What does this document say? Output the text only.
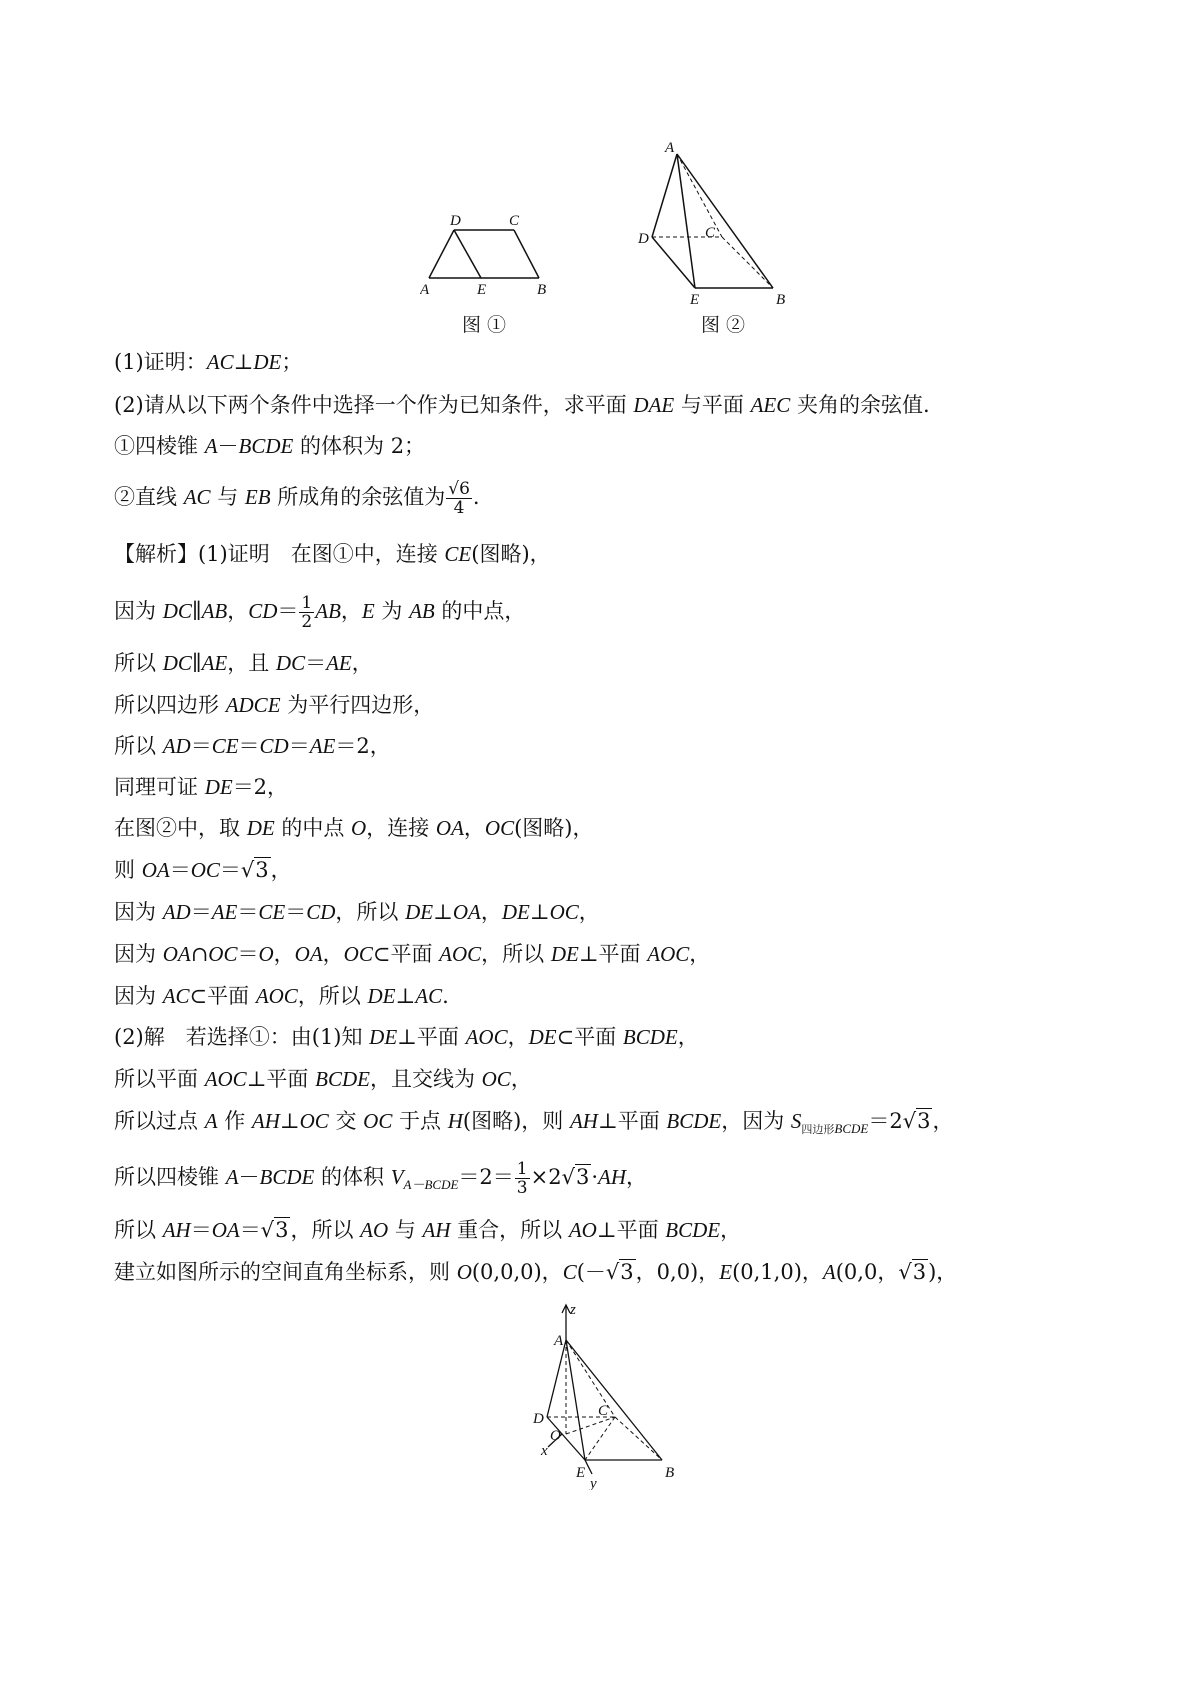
A
D	C
E	B
图 ①
A
D	C
E	B
图 ②
(1)证明：AC⊥DE；
(2)请从以下两个条件中选择一个作为已知条件，求平面 DAE 与平面 AEC 夹角的余弦值.
①四棱锥 A－BCDE 的体积为 2；
②直线 AC 与 EB 所成角的余弦值为 $\frac{√6}{4}$ .
【解析】(1)证明　在图①中，连接 CE(图略)，
因为 DC∥AB，$CD= \frac{1}{2}$ AB，E 为 AB 的中点，
所以 DC∥AE，且 DC＝AE，
所以四边形 ADCE 为平行四边形，
所以 AD＝CE＝CD＝AE＝2，
同理可证 DE＝2，
在图②中，取 DE 的中点 O，连接 OA，OC(图略)，
则 OA＝OC＝√3，
因为 AD＝AE＝CE＝CD，所以 DE⊥OA，DE⊥OC，
因为 OA∩OC＝O，OA，OC⊂平面 AOC，所以 DE⊥平面 AOC，
因为 AC⊂平面 AOC，所以 DE⊥AC.
(2)解　若选择①：由(1)知 DE⊥平面 AOC，DE⊂平面 BCDE，
所以平面 AOC⊥平面 BCDE，且交线为 OC，
所以过点 A 作 AH⊥OC 交 OC 于点 H(图略)，则 AH⊥平面 BCDE，因为 $S_{四边形BCDE}=2√3$，
所以四棱锥 A－BCDE 的体积 $V_{A-BCDE}=2= \frac{1}{3} \times 2√3\cdot AH$，
所以 AH＝OA＝√3，所以 AO 与 AH 重合，所以 AO⊥平面 BCDE，
建立如图所示的空间直角坐标系，则 O(0,0,0)，C(－√3，0,0)，E(0,1,0)，A(0,0，√3)，
z
A
D	C
O
x
E
y
B
